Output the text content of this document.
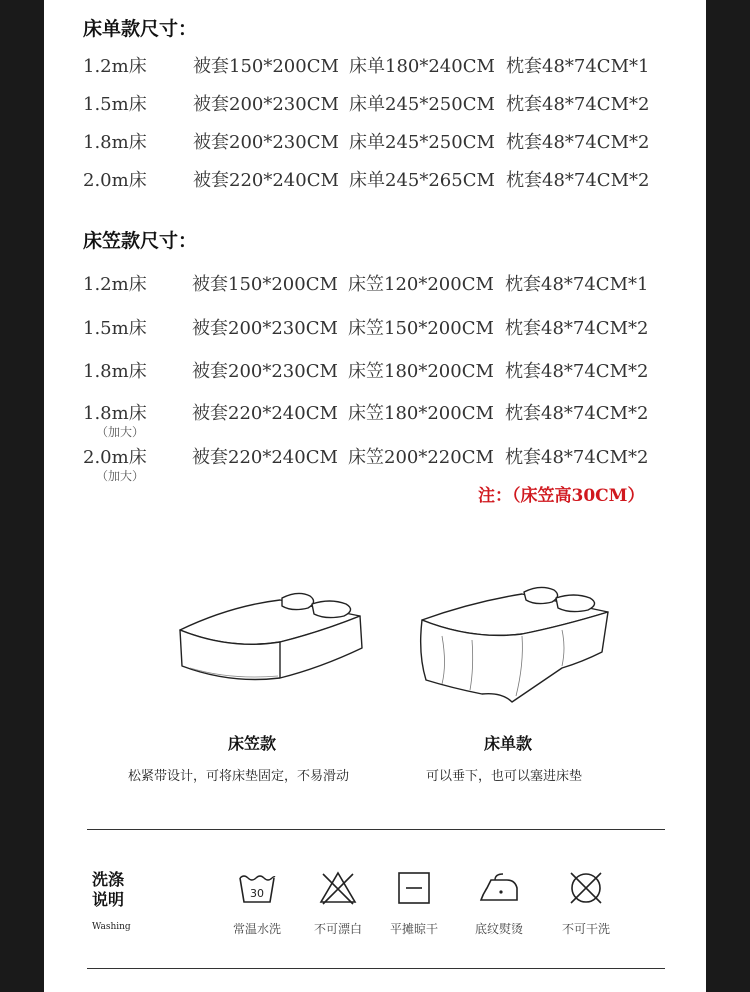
床单款尺寸：
1.2m床	被套150*200CM 床单180*240CM 枕套48*74CM*1
1.5m床	被套200*230CM 床单245*250CM 枕套48*74CM*2
1.8m床	被套200*230CM 床单245*250CM 枕套48*74CM*2
2.0m床	被套220*240CM 床单245*265CM 枕套48*74CM*2
床笠款尺寸：
1.2m床	被套150*200CM 床笠120*200CM 枕套48*74CM*1
1.5m床	被套200*230CM 床笠150*200CM 枕套48*74CM*2
1.8m床	被套200*230CM 床笠180*200CM 枕套48*74CM*2
1.8m床	被套220*240CM 床笠180*200CM 枕套48*74CM*2
（加大）
2.0m床	被套220*240CM 床笠200*220CM 枕套48*74CM*2
（加大）
注：（床笠高30CM）
床笠款
松紧带设计，可将床垫固定，不易滑动
床单款
可以垂下，也可以塞进床垫
洗涤
说明
Washing
30
常温水洗	不可漂白	平摊晾干	底纹熨烫	不可干洗
